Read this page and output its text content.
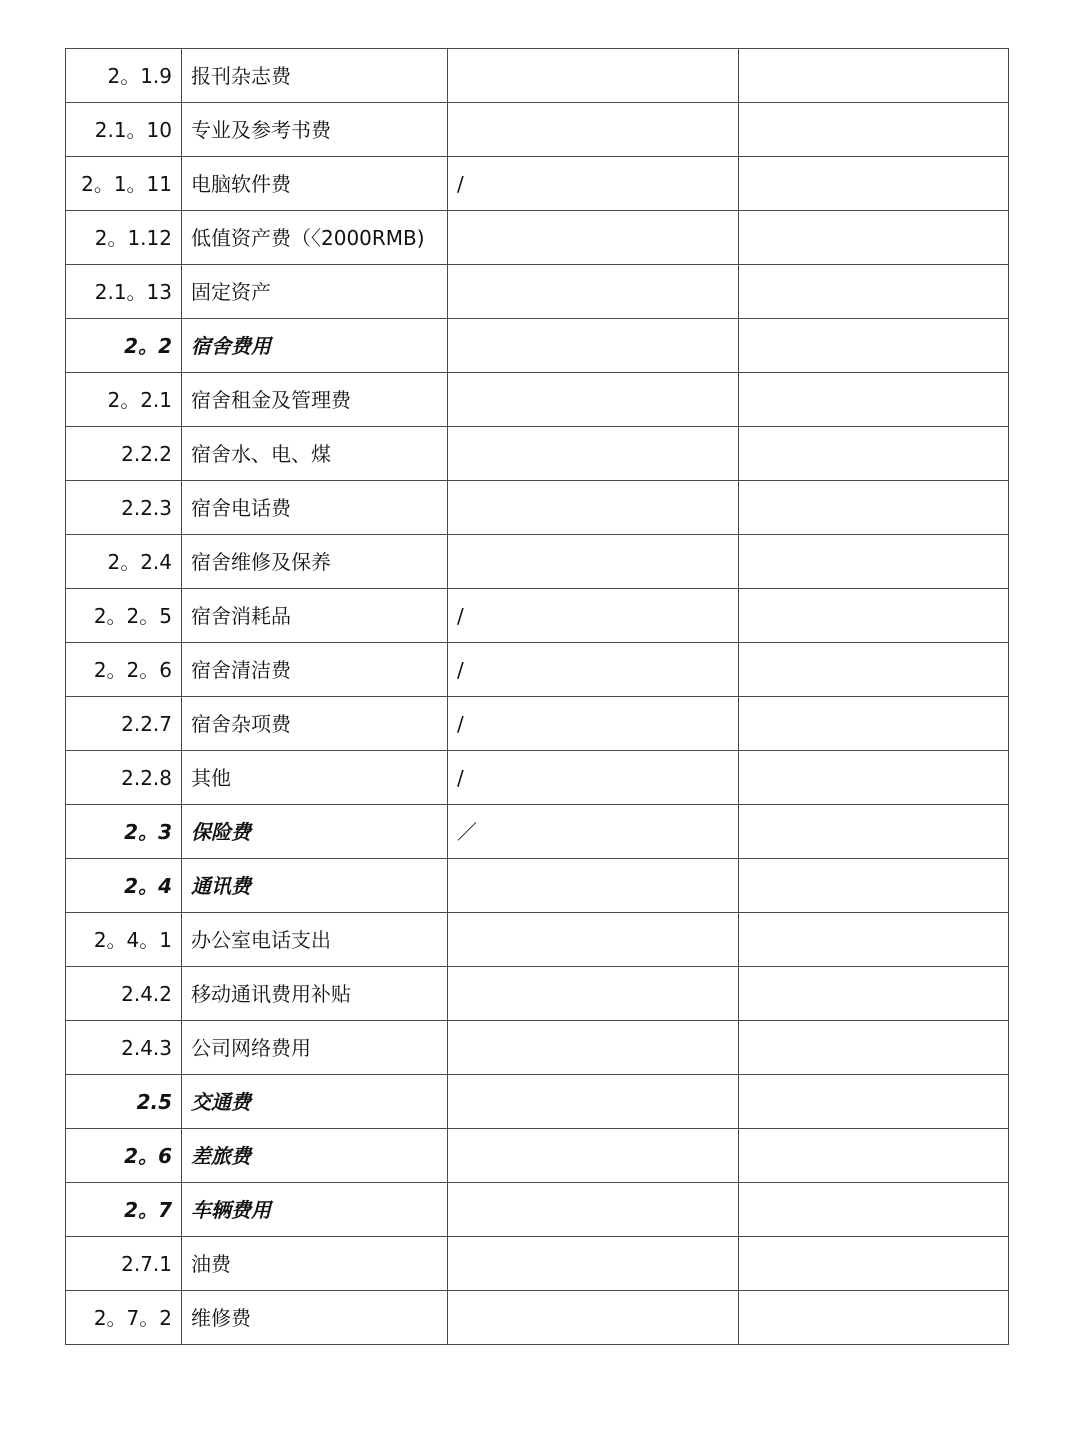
2。1.9	报刊杂志费		
2.1。10	专业及参考书费		
2。1。11	电脑软件费	/	
2。1.12	低值资产费（〈2000RMB)		
2.1。13	固定资产		
2。2	宿舍费用		
2。2.1	宿舍租金及管理费		
2.2.2	宿舍水、电、煤		
2.2.3	宿舍电话费		
2。2.4	宿舍维修及保养		
2。2。5	宿舍消耗品	/	
2。2。6	宿舍清洁费	/	
2.2.7	宿舍杂项费	/	
2.2.8	其他	/	
2。3	保险费	／	
2。4	通讯费		
2。4。1	办公室电话支出		
2.4.2	移动通讯费用补贴		
2.4.3	公司网络费用		
2.5	交通费		
2。6	差旅费		
2。7	车辆费用		
2.7.1	油费		
2。7。2	维修费		
